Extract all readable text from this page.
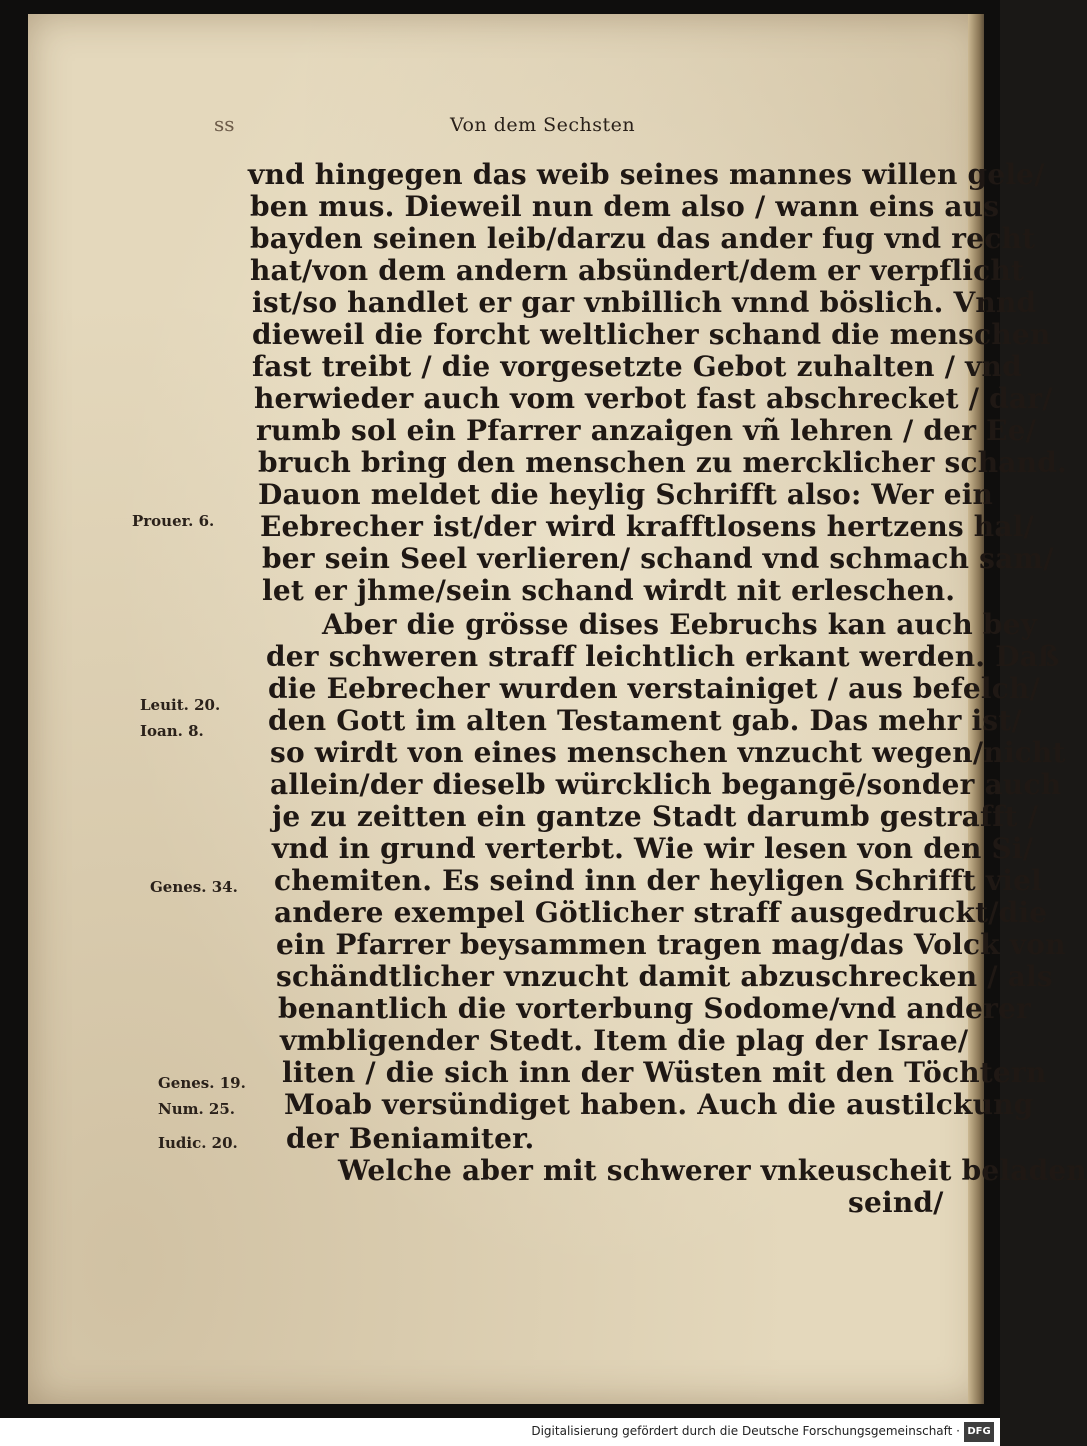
ss	Von dem Sechsten
vnd hingegen das weib seines mannes willen gele/
ben mus. Dieweil nun dem also / wann eins aus
bayden seinen leib/darzu das ander fug vnd recht
hat/von dem andern absündert/dem er verpflicht
ist/so handlet er gar vnbillich vnnd böslich. Vnnd
dieweil die forcht weltlicher schand die menschen
fast treibt / die vorgesetzte Gebot zuhalten / vnd
herwieder auch vom verbot fast abschrecket / dar/
rumb sol ein Pfarrer anzaigen vñ lehren / der Ee/
bruch bring den menschen zu mercklicher schand.
Dauon meldet die heylig Schrifft also: Wer ein
Eebrecher ist/der wird krafftlosens hertzens hal/
ber sein Seel verlieren/ schand vnd schmach sam/
let er jhme/sein schand wirdt nit erleschen.
Aber die grösse dises Eebruchs kan auch bey
der schweren straff leichtlich erkant werden. Daß
die Eebrecher wurden verstainiget / aus befelch/
den Gott im alten Testament gab. Das mehr ist/
so wirdt von eines menschen vnzucht wegen/nicht
allein/der dieselb würcklich begangē/sonder auch
je zu zeitten ein gantze Stadt darumb gestrafft /
vnd in grund verterbt. Wie wir lesen von den Si/
chemiten. Es seind inn der heyligen Schrifft viel
andere exempel Götlicher straff ausgedruckt/die
ein Pfarrer beysammen tragen mag/das Volck von
schändtlicher vnzucht damit abzuschrecken / als
benantlich die vorterbung Sodome/vnd anderer
vmbligender Stedt. Item die plag der Israe/
liten / die sich inn der Wüsten mit den Töchtern
Moab versündiget haben. Auch die austilckung
der Beniamiter.
Welche aber mit schwerer vnkeuscheit beladen
seind/
Prouer. 6.
Leuit. 20.
Ioan. 8.
Genes. 34.
Genes. 19.
Num. 25.
Iudic. 20.
Digitalisierung gefördert durch die Deutsche Forschungsgemeinschaft · DFG
